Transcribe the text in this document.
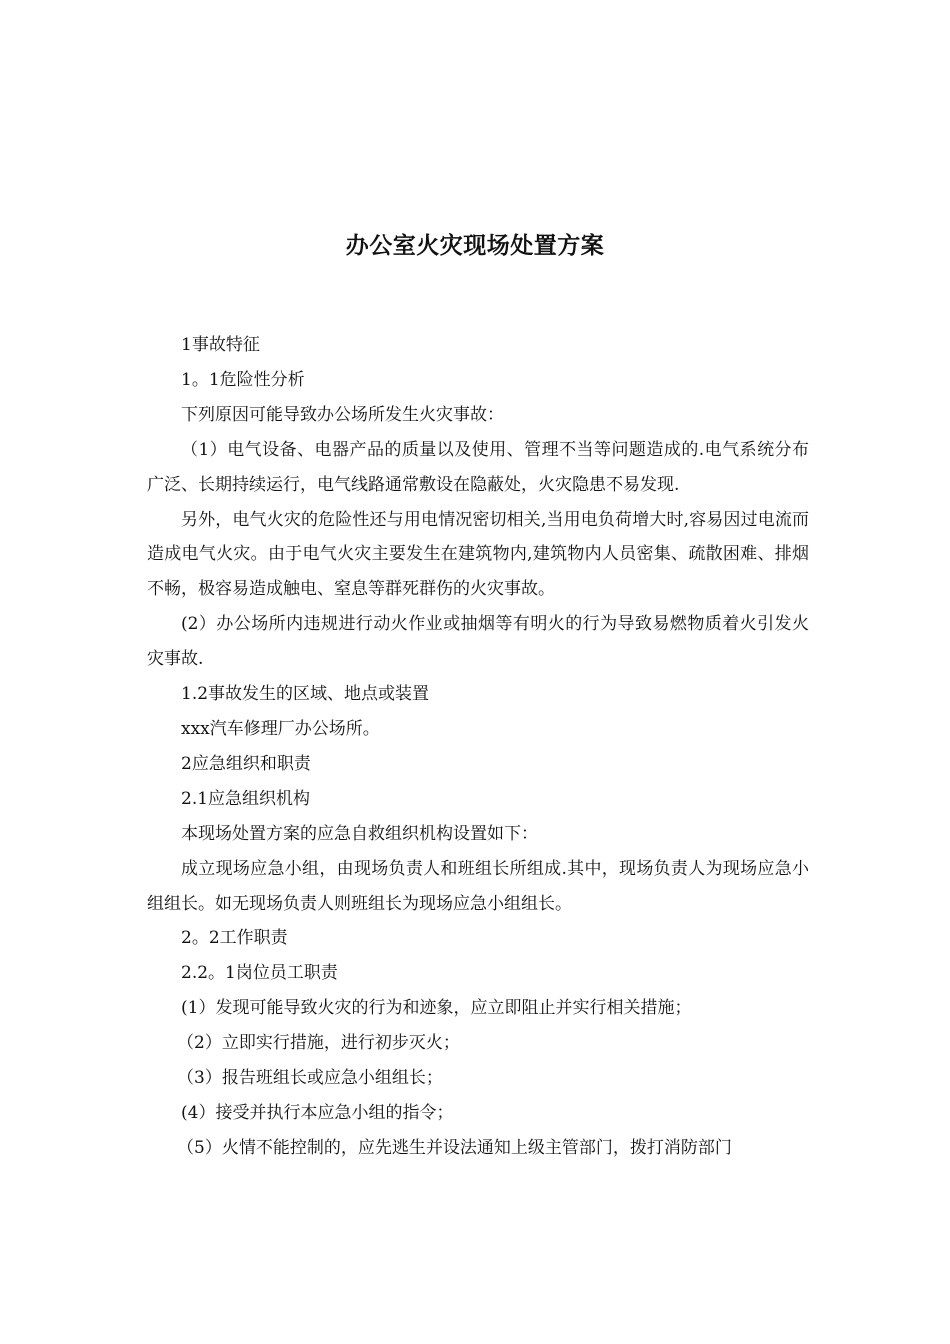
办公室火灾现场处置方案

1事故特征

1。1危险性分析

下列原因可能导致办公场所发生火灾事故：

（1）电气设备、电器产品的质量以及使用、管理不当等问题造成的.电气系统分布广泛、长期持续运行，电气线路通常敷设在隐蔽处，火灾隐患不易发现.

另外，电气火灾的危险性还与用电情况密切相关,当用电负荷增大时,容易因过电流而造成电气火灾。由于电气火灾主要发生在建筑物内,建筑物内人员密集、疏散困难、排烟不畅，极容易造成触电、窒息等群死群伤的火灾事故。

(2）办公场所内违规进行动火作业或抽烟等有明火的行为导致易燃物质着火引发火灾事故.

1.2事故发生的区域、地点或装置

xxx汽车修理厂办公场所。

2应急组织和职责

2.1应急组织机构

本现场处置方案的应急自救组织机构设置如下：

成立现场应急小组，由现场负责人和班组长所组成.其中，现场负责人为现场应急小组组长。如无现场负责人则班组长为现场应急小组组长。

2。2工作职责

2.2。1岗位员工职责

(1）发现可能导致火灾的行为和迹象，应立即阻止并实行相关措施；

（2）立即实行措施，进行初步灭火；

（3）报告班组长或应急小组组长；

(4）接受并执行本应急小组的指令；

（5）火情不能控制的，应先逃生并设法通知上级主管部门，拨打消防部门
